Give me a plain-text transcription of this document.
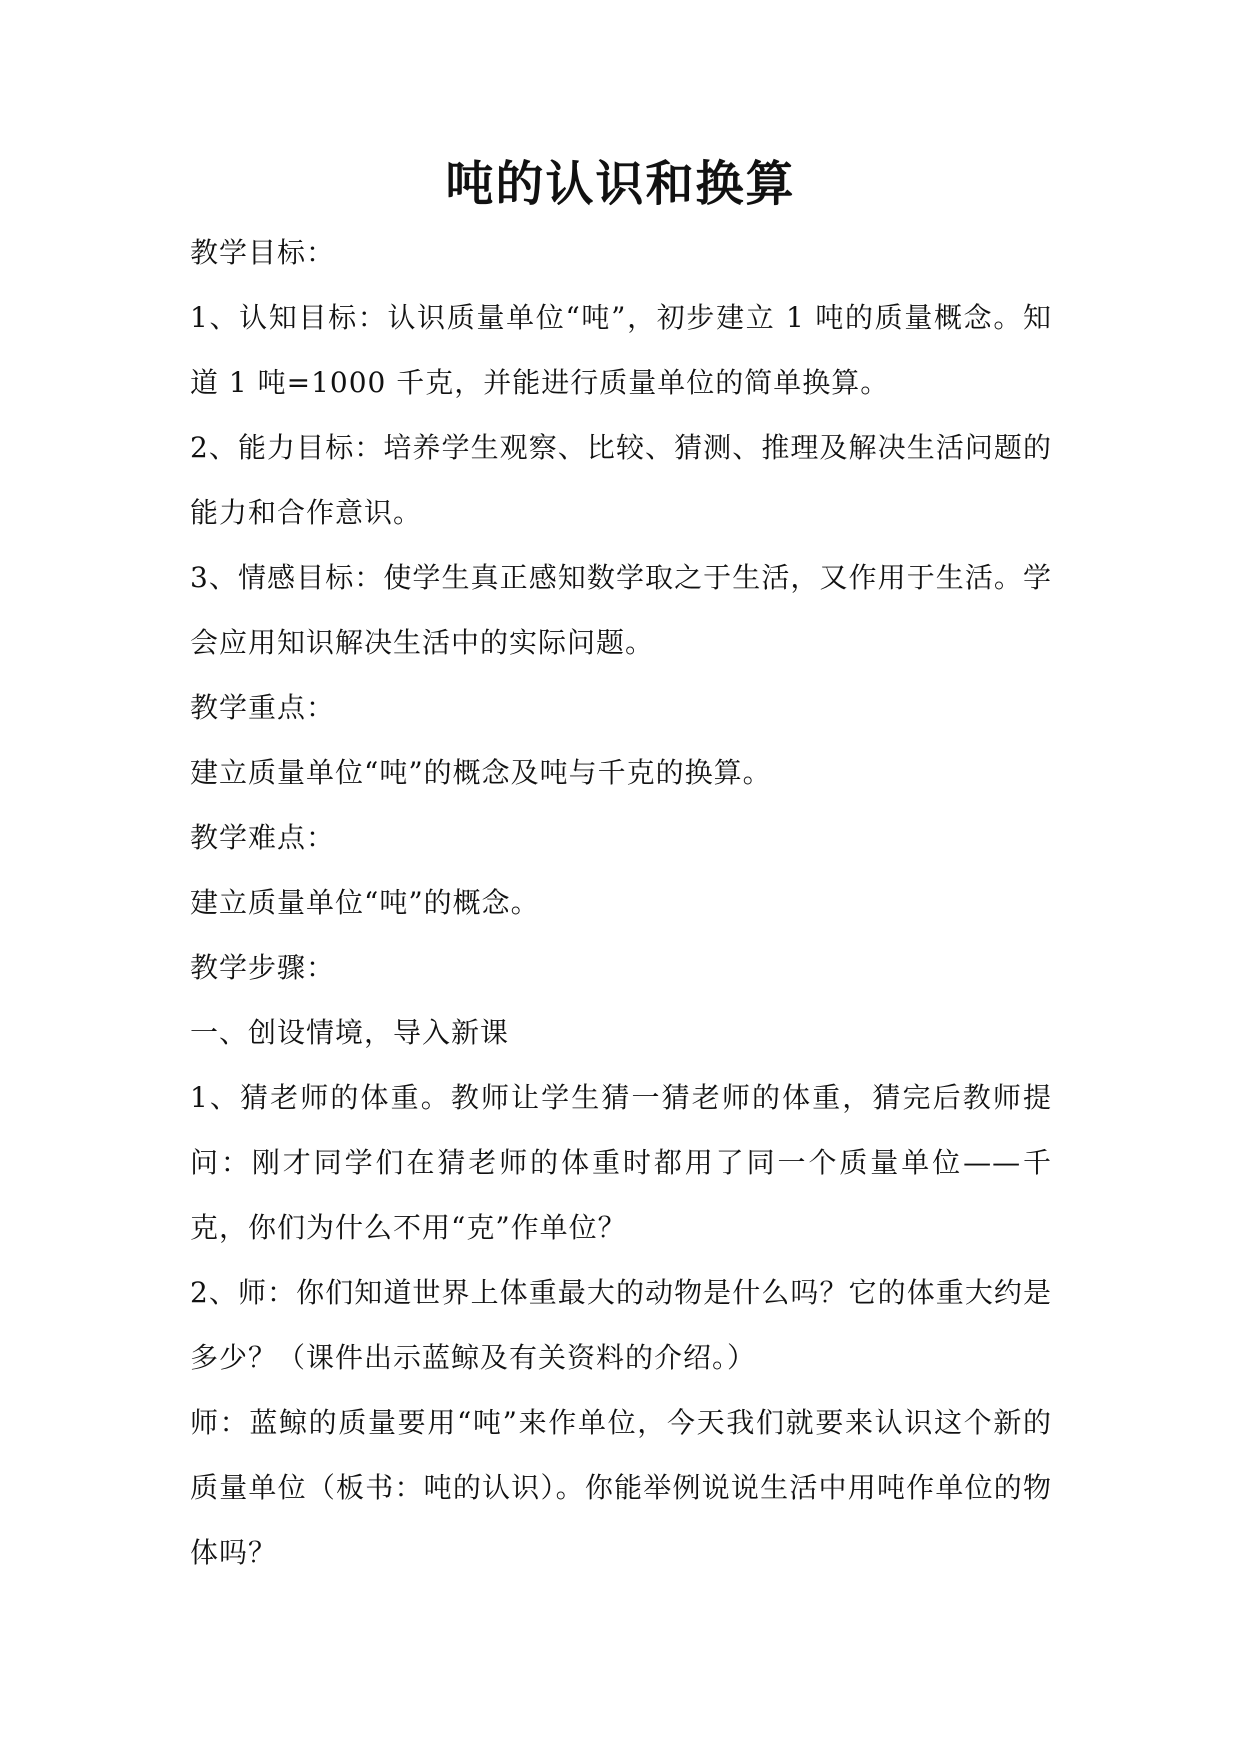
吨的认识和换算

教学目标：

1、认知目标：认识质量单位“吨”，初步建立 1 吨的质量概念。知道 1 吨=1000 千克，并能进行质量单位的简单换算。

2、能力目标：培养学生观察、比较、猜测、推理及解决生活问题的能力和合作意识。

3、情感目标：使学生真正感知数学取之于生活，又作用于生活。学会应用知识解决生活中的实际问题。

教学重点：

建立质量单位“吨”的概念及吨与千克的换算。

教学难点：

建立质量单位“吨”的概念。

教学步骤：

一、创设情境，导入新课

1、猜老师的体重。教师让学生猜一猜老师的体重，猜完后教师提问：刚才同学们在猜老师的体重时都用了同一个质量单位——千克，你们为什么不用“克”作单位？

2、师：你们知道世界上体重最大的动物是什么吗？它的体重大约是多少？（课件出示蓝鲸及有关资料的介绍。）

师：蓝鲸的质量要用“吨”来作单位，今天我们就要来认识这个新的质量单位（板书：吨的认识）。你能举例说说生活中用吨作单位的物体吗？
